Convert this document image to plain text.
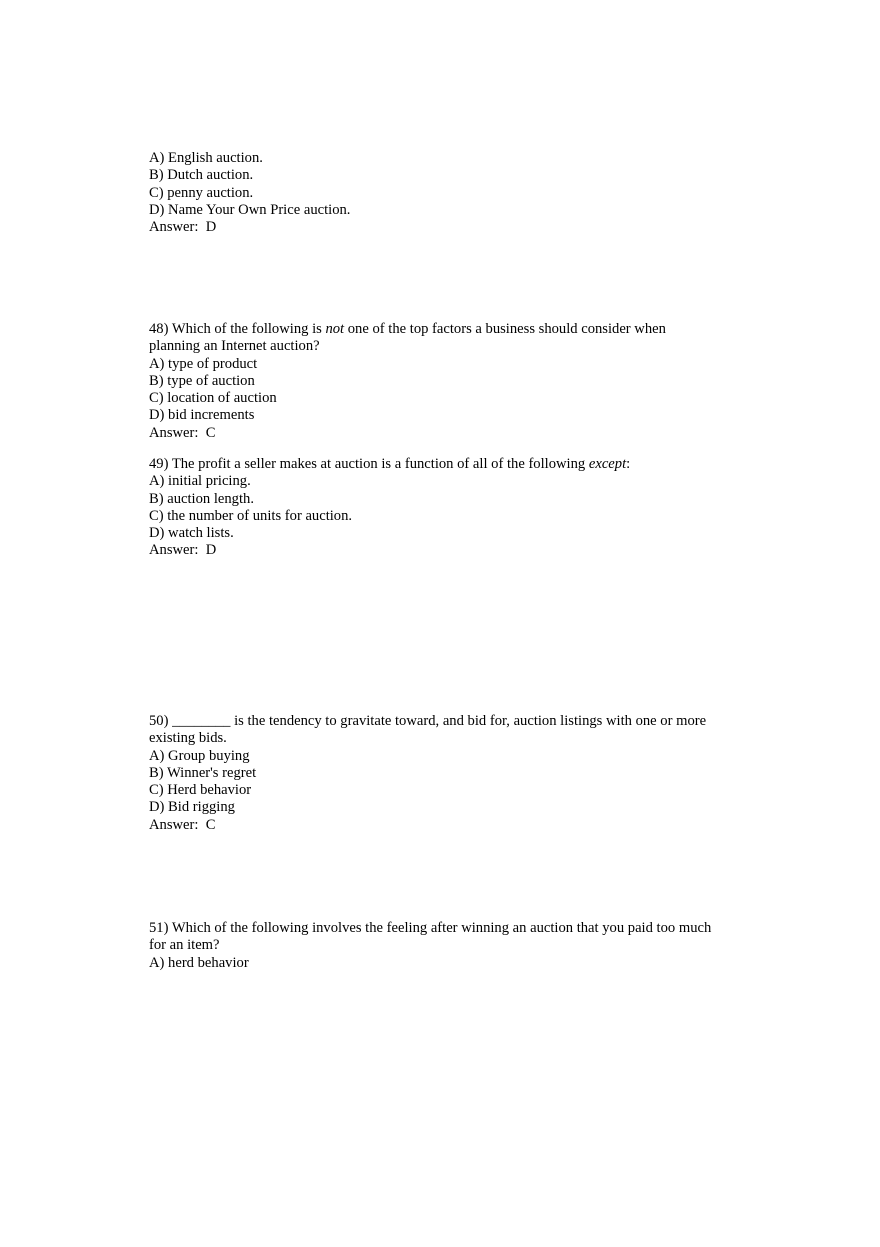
A) English auction.
B) Dutch auction.
C) penny auction.
D) Name Your Own Price auction.
Answer: D
48) Which of the following is not one of the top factors a business should consider when
planning an Internet auction?
A) type of product
B) type of auction
C) location of auction
D) bid increments
Answer: C
49) The profit a seller makes at auction is a function of all of the following except:
A) initial pricing.
B) auction length.
C) the number of units for auction.
D) watch lists.
Answer: D
50) ________ is the tendency to gravitate toward, and bid for, auction listings with one or more
existing bids.
A) Group buying
B) Winner's regret
C) Herd behavior
D) Bid rigging
Answer: C
51) Which of the following involves the feeling after winning an auction that you paid too much
for an item?
A) herd behavior
